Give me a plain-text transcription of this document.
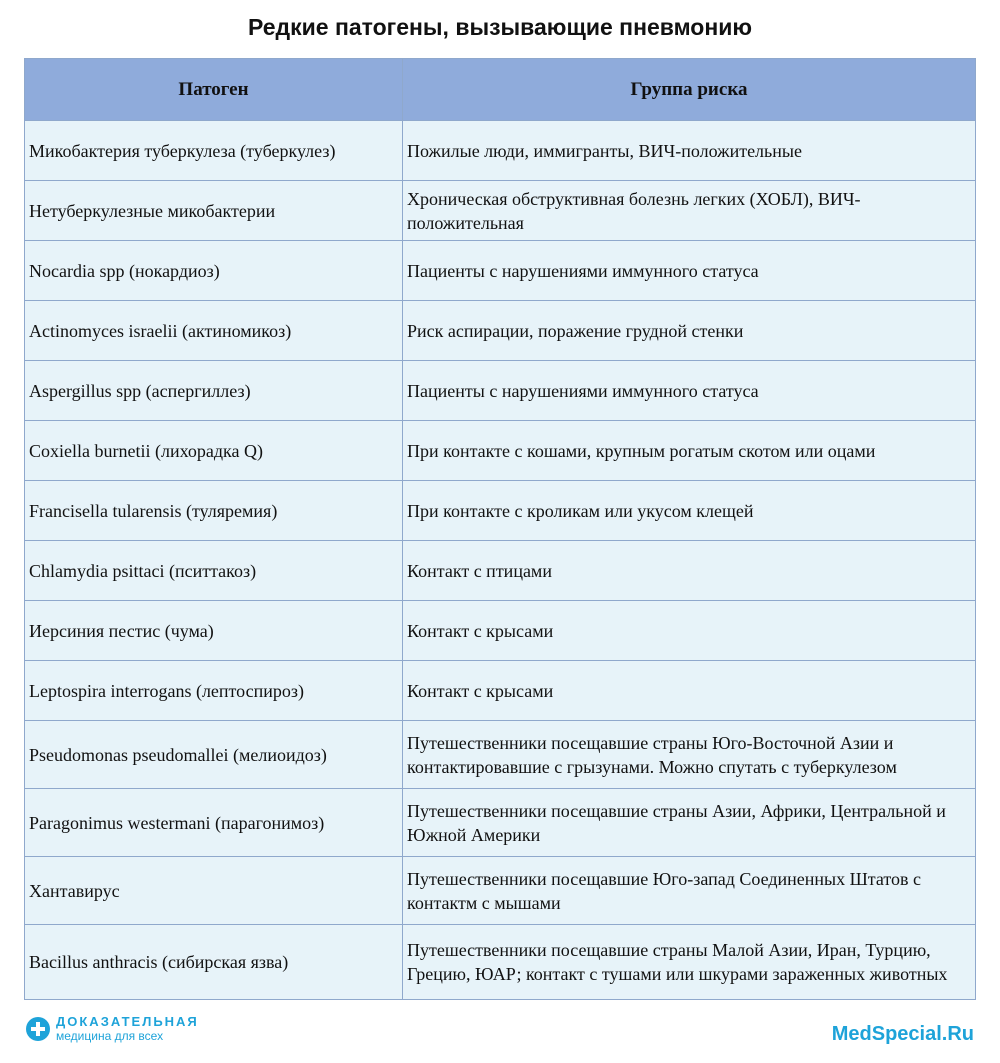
Редкие патогены, вызывающие пневмонию
Патоген	Группа риска
Микобактерия туберкулеза (туберкулез)	Пожилые люди, иммигранты, ВИЧ-положительные
Нетуберкулезные микобактерии	Хроническая обструктивная болезнь легких (ХОБЛ), ВИЧ-положительная
Nocardia spp (нокардиоз)	Пациенты с нарушениями иммунного статуса
Actinomyces israelii (актиномикоз)	Риск аспирации, поражение грудной стенки
Aspergillus spp (аспергиллез)	Пациенты с нарушениями иммунного статуса
Coxiella burnetii (лихорадка Q)	При контакте с кошами, крупным рогатым скотом или оцами
Francisella tularensis (туляремия)	При контакте с кроликам или укусом клещей
Chlamydia psittaci (пситтакоз)	Контакт с птицами
Иерсиния пестис (чума)	Контакт с крысами
Leptospira interrogans (лептоспироз)	Контакт с крысами
Pseudomonas pseudomallei (мелиоидоз)	Путешественники посещавшие страны Юго-Восточной Азии и контактировавшие с грызунами. Можно спутать с туберкулезом
Paragonimus westermani (парагонимоз)	Путешественники посещавшие страны Азии, Африки, Центральной и Южной Америки
Хантавирус	Путешественники посещавшие Юго-запад Соединенных Штатов с контактм с мышами
Bacillus anthracis (сибирская язва)	Путешественники посещавшие страны Малой Азии, Иран, Турцию, Грецию, ЮАР; контакт с тушами или шкурами зараженных животных
ДОКАЗАТЕЛЬНАЯ
медицина для всех	MedSpecial.Ru
